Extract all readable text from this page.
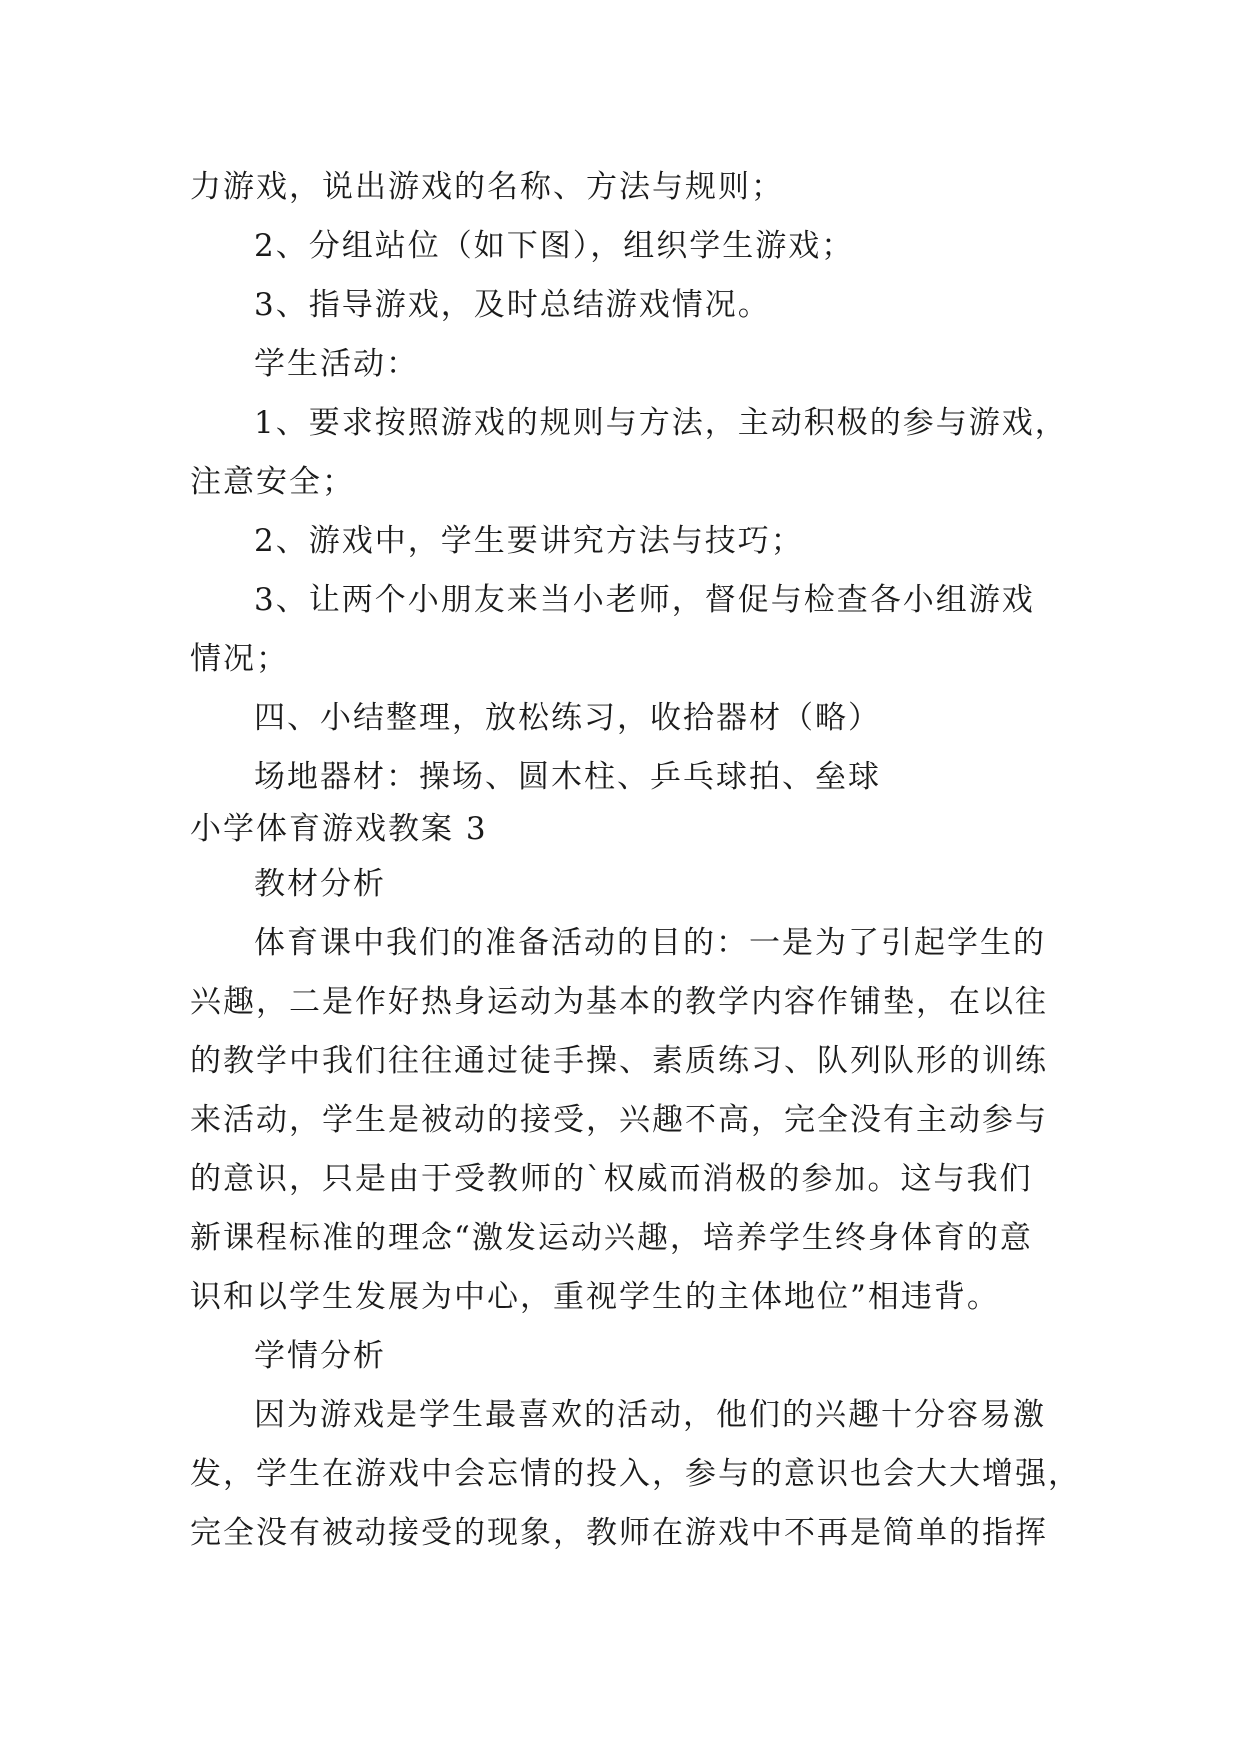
力游戏，说出游戏的名称、方法与规则；
2、分组站位（如下图），组织学生游戏；
3、指导游戏，及时总结游戏情况。
学生活动：
1、要求按照游戏的规则与方法，主动积极的参与游戏，
注意安全；
2、游戏中，学生要讲究方法与技巧；
3、让两个小朋友来当小老师，督促与检查各小组游戏
情况；
四、小结整理，放松练习，收拾器材（略）
场地器材：操场、圆木柱、乒乓球拍、垒球
小学体育游戏教案 3
教材分析
体育课中我们的准备活动的目的：一是为了引起学生的
兴趣，二是作好热身运动为基本的教学内容作铺垫，在以往
的教学中我们往往通过徒手操、素质练习、队列队形的训练
来活动，学生是被动的接受，兴趣不高，完全没有主动参与
的意识，只是由于受教师的`权威而消极的参加。这与我们
新课程标准的理念“激发运动兴趣，培养学生终身体育的意
识和以学生发展为中心，重视学生的主体地位”相违背。
学情分析
因为游戏是学生最喜欢的活动，他们的兴趣十分容易激
发，学生在游戏中会忘情的投入，参与的意识也会大大增强，
完全没有被动接受的现象，教师在游戏中不再是简单的指挥
